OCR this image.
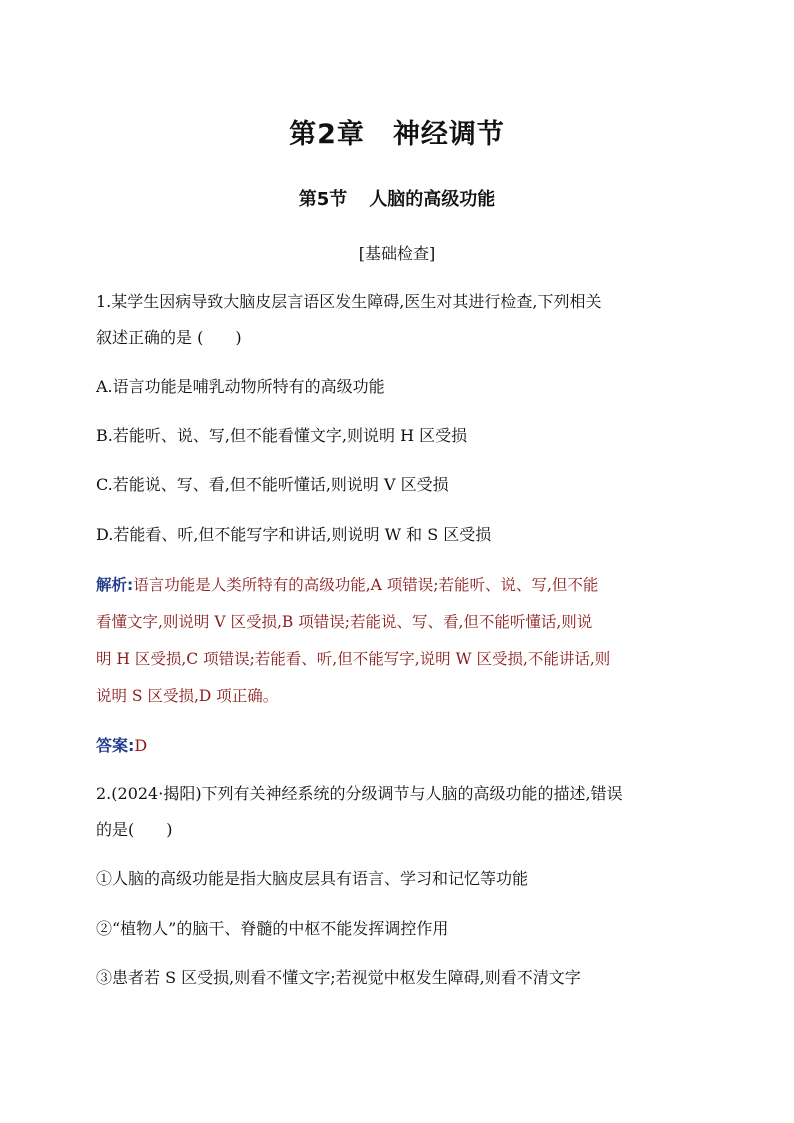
第2章 神经调节
第5节 人脑的高级功能
[基础检查]
1.某学生因病导致大脑皮层言语区发生障碍,医生对其进行检查,下列相关
叙述正确的是 (　　)
A.语言功能是哺乳动物所特有的高级功能
B.若能听、说、写,但不能看懂文字,则说明 H 区受损
C.若能说、写、看,但不能听懂话,则说明 V 区受损
D.若能看、听,但不能写字和讲话,则说明 W 和 S 区受损
解析:语言功能是人类所特有的高级功能,A 项错误;若能听、说、写,但不能
看懂文字,则说明 V 区受损,B 项错误;若能说、写、看,但不能听懂话,则说
明 H 区受损,C 项错误;若能看、听,但不能写字,说明 W 区受损,不能讲话,则
说明 S 区受损,D 项正确。
答案:D
2.(2024·揭阳)下列有关神经系统的分级调节与人脑的高级功能的描述,错误
的是(　　)
①人脑的高级功能是指大脑皮层具有语言、学习和记忆等功能
②“植物人”的脑干、脊髓的中枢不能发挥调控作用
③患者若 S 区受损,则看不懂文字;若视觉中枢发生障碍,则看不清文字
